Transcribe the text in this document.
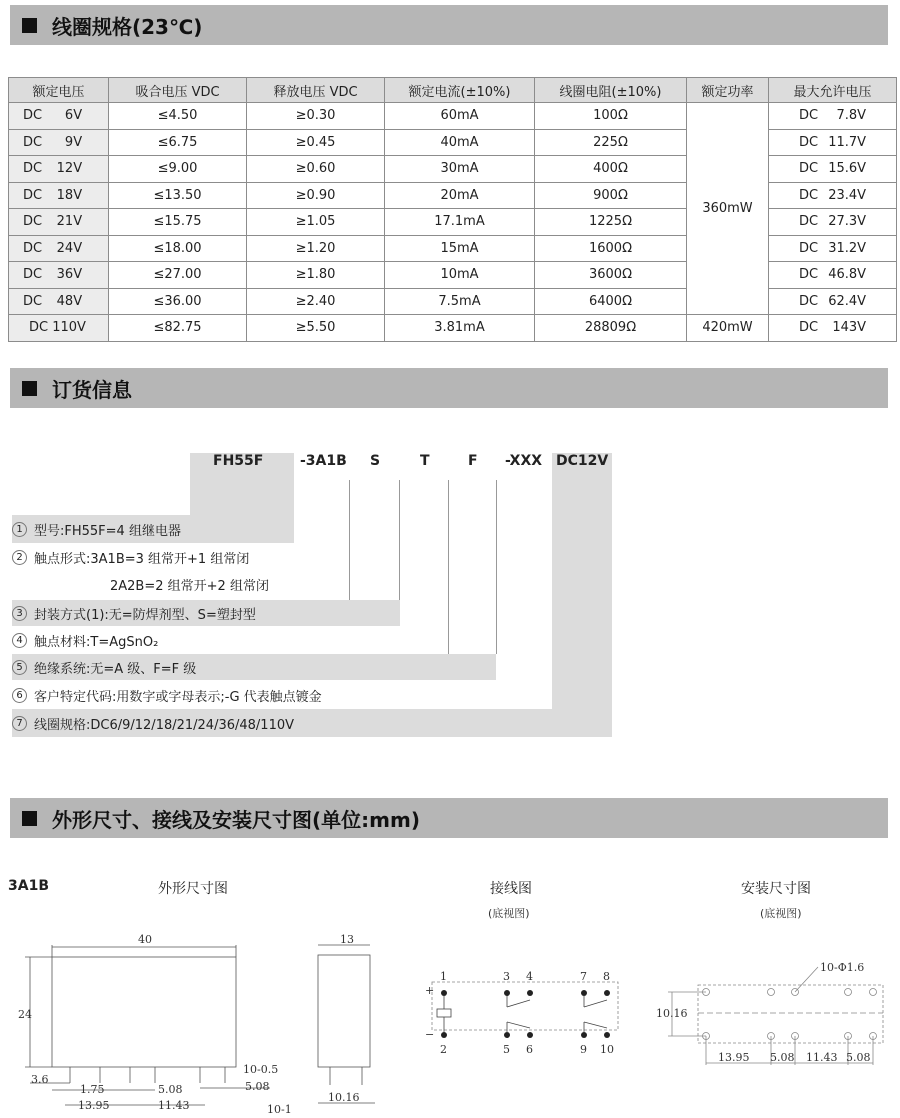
线圈规格(23℃)
额定电压	吸合电压 VDC	释放电压 VDC	额定电流(±10%)	线圈电阻(±10%)	额定功率	最大允许电压
DC 6V	≤4.50	≥0.30	60mA	100Ω	360mW	DC 7.8V
DC 9V	≤6.75	≥0.45	40mA	225Ω		DC 11.7V
DC 12V	≤9.00	≥0.60	30mA	400Ω		DC 15.6V
DC 18V	≤13.50	≥0.90	20mA	900Ω		DC 23.4V
DC 21V	≤15.75	≥1.05	17.1mA	1225Ω		DC 27.3V
DC 24V	≤18.00	≥1.20	15mA	1600Ω		DC 31.2V
DC 36V	≤27.00	≥1.80	10mA	3600Ω		DC 46.8V
DC 48V	≤36.00	≥2.40	7.5mA	6400Ω		DC 62.4V
DC 110V	≤82.75	≥5.50	3.81mA	28809Ω	420mW	DC 143V
订货信息
FH55F	-3A1B S	T	F -XXX DC12V
1 型号:FH55F=4 组继电器
2 触点形式:3A1B=3 组常开+1 组常闭
2A2B=2 组常开+2 组常闭
3 封装方式(1):无=防焊剂型、S=塑封型
4 触点材料:T=AgSnO₂
5 绝缘系统:无=A 级、F=F 级
6 客户特定代码:用数字或字母表示;-G 代表触点镀金
7 线圈规格:DC6/9/12/18/21/24/36/48/110V
外形尺寸、接线及安装尺寸图(单位:mm)
3A1B	外形尺寸图	接线图
(底视图)
安装尺寸图
(底视图)
40
24
3.6
1.75	5.08
13.95	11.43
10-0.5
5.08
13
10.16
10-1
+
−
1	3 4	7 8
2	5 6	9 10
10-Φ1.6
10.16
13.95 5.08 11.43 5.08
